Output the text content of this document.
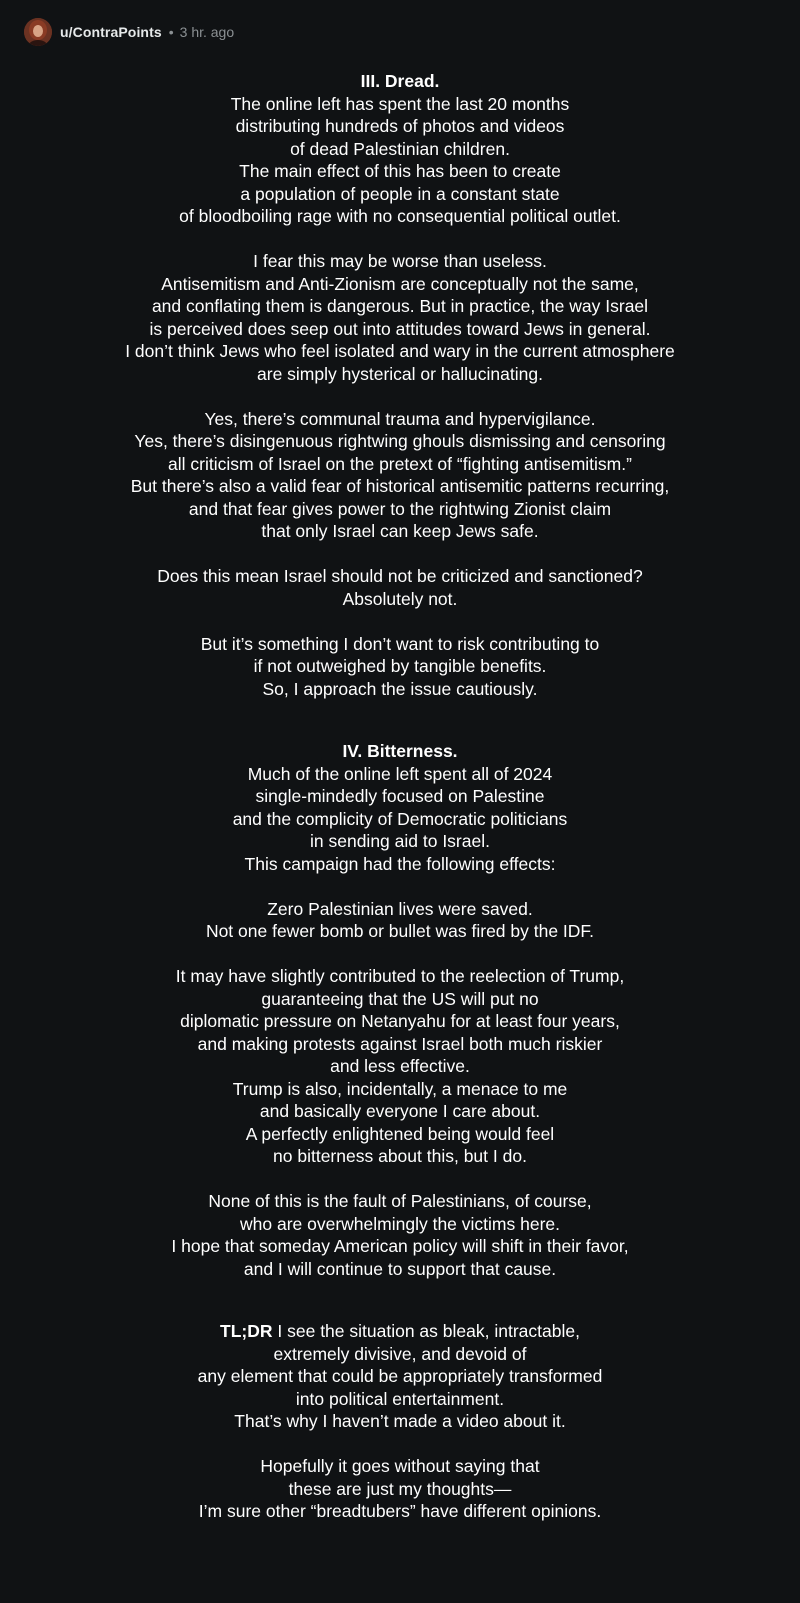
u/ContraPoints • 3 hr. ago
III. Dread.
The online left has spent the last 20 months
distributing hundreds of photos and videos
of dead Palestinian children.
The main effect of this has been to create
a population of people in a constant state
of bloodboiling rage with no consequential political outlet.
I fear this may be worse than useless.
Antisemitism and Anti-Zionism are conceptually not the same,
and conflating them is dangerous. But in practice, the way Israel
is perceived does seep out into attitudes toward Jews in general.
I don’t think Jews who feel isolated and wary in the current atmosphere
are simply hysterical or hallucinating.
Yes, there’s communal trauma and hypervigilance.
Yes, there’s disingenuous rightwing ghouls dismissing and censoring
all criticism of Israel on the pretext of “fighting antisemitism.”
But there’s also a valid fear of historical antisemitic patterns recurring,
and that fear gives power to the rightwing Zionist claim
that only Israel can keep Jews safe.
Does this mean Israel should not be criticized and sanctioned?
Absolutely not.
But it’s something I don’t want to risk contributing to
if not outweighed by tangible benefits.
So, I approach the issue cautiously.
IV. Bitterness.
Much of the online left spent all of 2024
single-mindedly focused on Palestine
and the complicity of Democratic politicians
in sending aid to Israel.
This campaign had the following effects:
Zero Palestinian lives were saved.
Not one fewer bomb or bullet was fired by the IDF.
It may have slightly contributed to the reelection of Trump,
guaranteeing that the US will put no
diplomatic pressure on Netanyahu for at least four years,
and making protests against Israel both much riskier
and less effective.
Trump is also, incidentally, a menace to me
and basically everyone I care about.
A perfectly enlightened being would feel
no bitterness about this, but I do.
None of this is the fault of Palestinians, of course,
who are overwhelmingly the victims here.
I hope that someday American policy will shift in their favor,
and I will continue to support that cause.
TL;DR I see the situation as bleak, intractable,
extremely divisive, and devoid of
any element that could be appropriately transformed
into political entertainment.
That’s why I haven’t made a video about it.
Hopefully it goes without saying that
these are just my thoughts—
I’m sure other “breadtubers” have different opinions.
